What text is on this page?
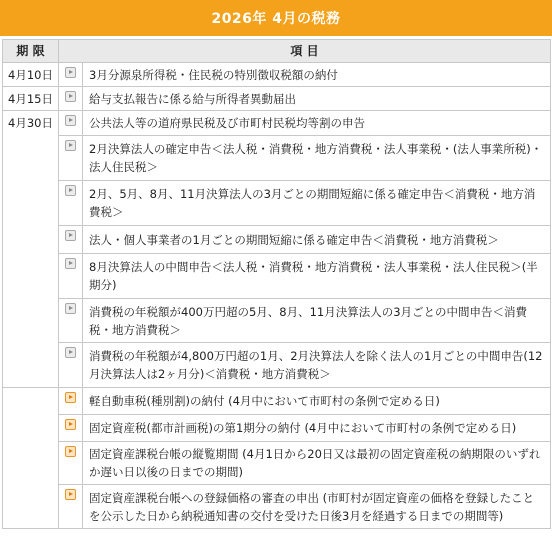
2026年 4月の税務
期 限	項 目	
4月10日		3月分源泉所得税・住民税の特別徴収税額の納付
4月15日		給与支払報告に係る給与所得者異動届出
4月30日		公共法人等の道府県民税及び市町村民税均等割の申告
		2月決算法人の確定申告＜法人税・消費税・地方消費税・法人事業税・(法人事業所税)・法人住民税＞
		2月、5月、8月、11月決算法人の3月ごとの期間短縮に係る確定申告＜消費税・地方消費税＞
		法人・個人事業者の1月ごとの期間短縮に係る確定申告＜消費税・地方消費税＞
		8月決算法人の中間申告＜法人税・消費税・地方消費税・法人事業税・法人住民税＞(半期分)
		消費税の年税額が400万円超の5月、8月、11月決算法人の3月ごとの中間申告＜消費税・地方消費税＞
		消費税の年税額が4,800万円超の1月、2月決算法人を除く法人の1月ごとの中間申告(12月決算法人は2ヶ月分)＜消費税・地方消費税＞
		軽自動車税(種別割)の納付 (4月中において市町村の条例で定める日)
		固定資産税(都市計画税)の第1期分の納付 (4月中において市町村の条例で定める日)
		固定資産課税台帳の縦覧期間 (4月1日から20日又は最初の固定資産税の納期限のいずれか遅い日以後の日までの期間)
		固定資産課税台帳への登録価格の審査の申出 (市町村が固定資産の価格を登録したことを公示した日から納税通知書の交付を受けた日後3月を経過する日までの期間等)
